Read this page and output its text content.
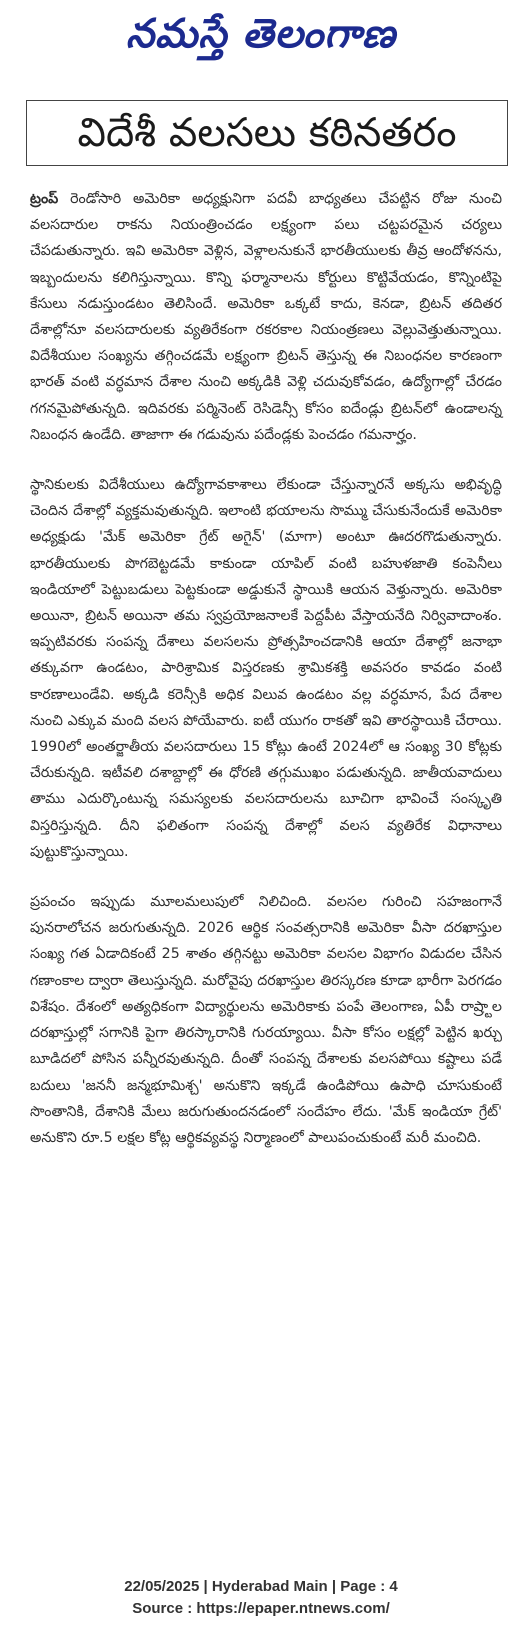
నమస్తే తెలంగాణ
విదేశీ వలసలు కఠినతరం

ట్రంప్ రెండోసారి అమెరికా అధ్యక్షునిగా పదవీ బాధ్యతలు చేపట్టిన రోజు నుంచి వలసదారుల రాకను నియంత్రించడం లక్ష్యంగా పలు చట్టపరమైన చర్యలు చేపడుతున్నారు. ఇవి అమెరికా వెళ్లిన, వెళ్లాలనుకునే భారతీయులకు తీవ్ర ఆందోళనను, ఇబ్బందులను కలిగిస్తున్నాయి. కొన్ని ఫర్మానాలను కోర్టులు కొట్టివేయడం, కొన్నింటిపై కేసులు నడుస్తుండటం తెలిసిందే. అమెరికా ఒక్కటే కాదు, కెనడా, బ్రిటన్ తదితర దేశాల్లోనూ వలసదారులకు వ్యతిరేకంగా రకరకాల నియంత్రణలు వెల్లువెత్తుతున్నాయి. విదేశీయుల సంఖ్యను తగ్గించడమే లక్ష్యంగా బ్రిటన్ తెస్తున్న ఈ నిబంధనల కారణంగా భారత్ వంటి వర్ధమాన దేశాల నుంచి అక్కడికి వెళ్లి చదువుకోవడం, ఉద్యోగాల్లో చేరడం గగనమైపోతున్నది. ఇదివరకు పర్మినెంట్ రెసిడెన్సీ కోసం ఐదేండ్లు బ్రిటన్‌లో ఉండాలన్న నిబంధన ఉండేది. తాజాగా ఈ గడువును పదేండ్లకు పెంచడం గమనార్హం.

స్థానికులకు విదేశీయులు ఉద్యోగావకాశాలు లేకుండా చేస్తున్నారనే అక్కసు అభివృద్ధి చెందిన దేశాల్లో వ్యక్తమవుతున్నది. ఇలాంటి భయాలను సొమ్ము చేసుకునేందుకే అమెరికా అధ్యక్షుడు 'మేక్ అమెరికా గ్రేట్ అగైన్' (మాగా) అంటూ ఊదరగొడుతున్నారు. భారతీయులకు పొగబెట్టడమే కాకుండా యాపిల్ వంటి బహుళజాతి కంపెనీలు ఇండియాలో పెట్టుబడులు పెట్టకుండా అడ్డుకునే స్థాయికి ఆయన వెళ్తున్నారు. అమెరికా అయినా, బ్రిటన్ అయినా తమ స్వప్రయోజనాలకే పెద్దపీట వేస్తాయనేది నిర్వివాదాంశం. ఇప్పటివరకు సంపన్న దేశాలు వలసలను ప్రోత్సహించడానికి ఆయా దేశాల్లో జనాభా తక్కువగా ఉండటం, పారిశ్రామిక విస్తరణకు శ్రామికశక్తి అవసరం కావడం వంటి కారణాలుండేవి. అక్కడి కరెన్సీకి అధిక విలువ ఉండటం వల్ల వర్ధమాన, పేద దేశాల నుంచి ఎక్కువ మంది వలస పోయేవారు. ఐటీ యుగం రాకతో ఇవి తారస్థాయికి చేరాయి. 1990లో అంతర్జాతీయ వలసదారులు 15 కోట్లు ఉంటే 2024లో ఆ సంఖ్య 30 కోట్లకు చేరుకున్నది. ఇటీవలి దశాబ్దాల్లో ఈ ధోరణి తగ్గుముఖం పడుతున్నది. జాతీయవాదులు తాము ఎదుర్కొంటున్న సమస్యలకు వలసదారులను బూచిగా భావించే సంస్కృతి విస్తరిస్తున్నది. దీని ఫలితంగా సంపన్న దేశాల్లో వలస వ్యతిరేక విధానాలు పుట్టుకొస్తున్నాయి.

ప్రపంచం ఇప్పుడు మూలమలుపులో నిలిచింది. వలసల గురించి సహజంగానే పునరాలోచన జరుగుతున్నది. 2026 ఆర్థిక సంవత్సరానికి అమెరికా వీసా దరఖాస్తుల సంఖ్య గత ఏడాదికంటే 25 శాతం తగ్గినట్టు అమెరికా వలసల విభాగం విడుదల చేసిన గణాంకాల ద్వారా తెలుస్తున్నది. మరోవైపు దరఖాస్తుల తిరస్కరణ కూడా భారీగా పెరగడం విశేషం. దేశంలో అత్యధికంగా విద్యార్థులను అమెరికాకు పంపే తెలంగాణ, ఏపీ రాష్ర్టాల దరఖాస్తుల్లో సగానికి పైగా తిరస్కారానికి గురయ్యాయి. వీసా కోసం లక్షల్లో పెట్టిన ఖర్చు బూడిదలో పోసిన పన్నీరవుతున్నది. దీంతో సంపన్న దేశాలకు వలసపోయి కష్టాలు పడే బదులు 'జననీ జన్మభూమిశ్చ' అనుకొని ఇక్కడే ఉండిపోయి ఉపాధి చూసుకుంటే సొంతానికి, దేశానికి మేలు జరుగుతుందనడంలో సందేహం లేదు. 'మేక్ ఇండియా గ్రేట్' అనుకొని రూ.5 లక్షల కోట్ల ఆర్థికవ్యవస్థ నిర్మాణంలో పాలుపంచుకుంటే మరీ మంచిది.

22/05/2025 | Hyderabad Main | Page : 4
Source : https://epaper.ntnews.com/
